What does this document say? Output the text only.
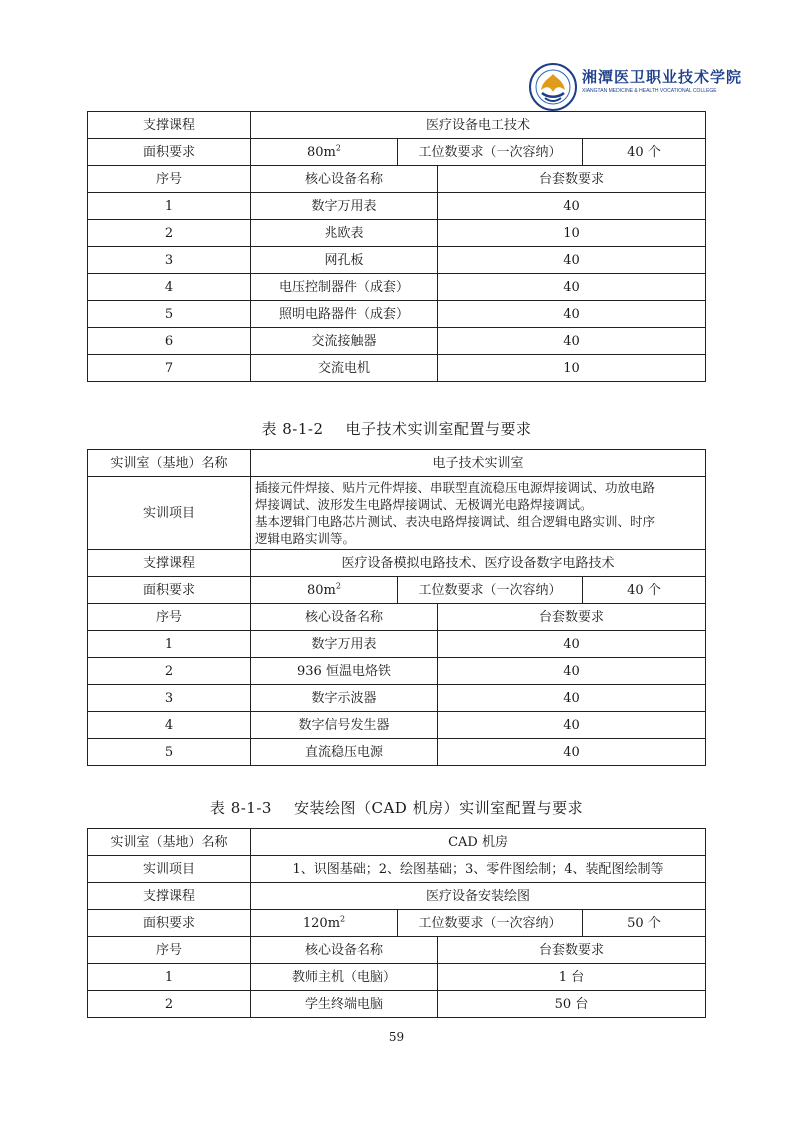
湘潭医卫职业技术学院
XIANGTAN MEDICINE & HEALTH VOCATIONAL COLLEGE
支撑课程	医疗设备电工技术			
面积要求	$80m^2$	工位数要求（一次容纳）		40 个
序号	核心设备名称		台套数要求	
1	数字万用表		40	
2	兆欧表		10	
3	网孔板		40	
4	电压控制器件（成套）		40	
5	照明电路器件（成套）		40	
6	交流接触器		40	
7	交流电机		10	
表 8-1-2 电子技术实训室配置与要求
实训室（基地）名称	电子技术实训室			
实训项目	插接元件焊接、贴片元件焊接、串联型直流稳压电源焊接调试、功放电路
焊接调试、波形发生电路焊接调试、无极调光电路焊接调试。
基本逻辑门电路芯片测试、表决电路焊接调试、组合逻辑电路实训、时序
逻辑电路实训等。			

支撑课程	医疗设备模拟电路技术、医疗设备数字电路技术			
面积要求	$80m^2$	工位数要求（一次容纳）		40 个
序号	核心设备名称		台套数要求	
1	数字万用表		40	
2	936 恒温电烙铁		40	
3	数字示波器		40	
4	数字信号发生器		40	
5	直流稳压电源		40	
表 8-1-3 安装绘图（CAD 机房）实训室配置与要求
实训室（基地）名称	CAD 机房			
实训项目	1、识图基础；2、绘图基础；3、零件图绘制；4、装配图绘制等			
支撑课程	医疗设备安装绘图			
面积要求	$120m^2$	工位数要求（一次容纳）		50 个
序号	核心设备名称		台套数要求	
1	教师主机（电脑）		1 台	
2	学生终端电脑		50 台	
59
